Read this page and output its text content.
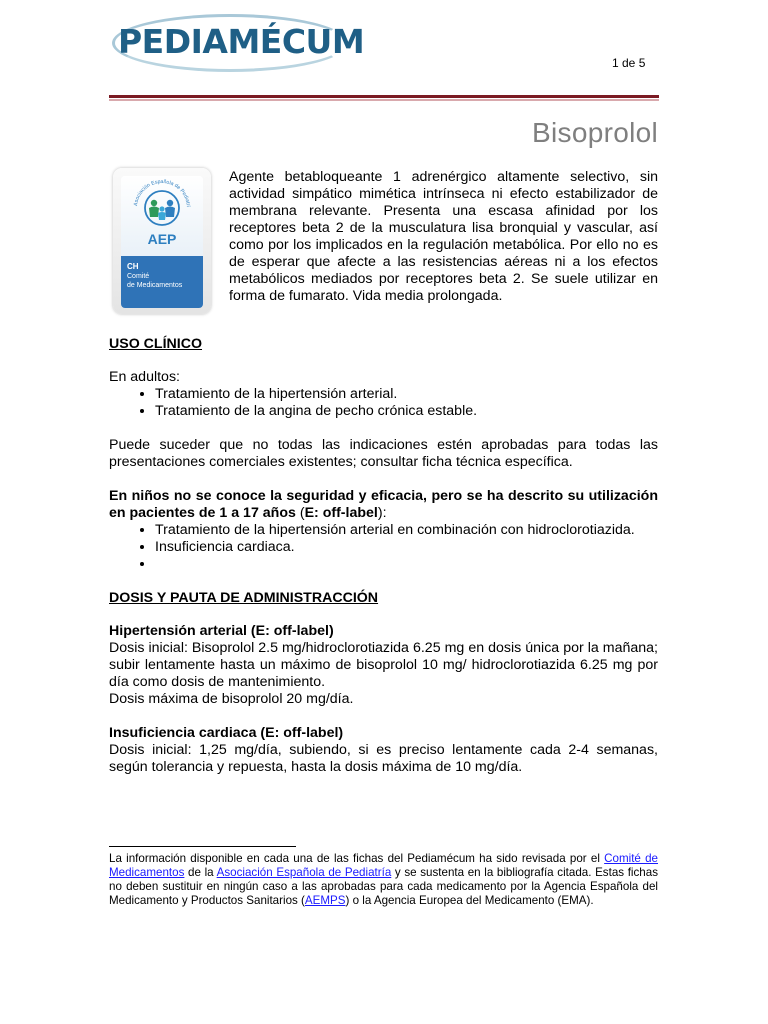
PEDIAMÉCUM
1 de 5
Bisoprolol
Asociación Española de Pediatrí
AEP
CH
Comité
de Medicamentos

Agente betabloqueante 1 adrenérgico altamente selectivo, sin actividad simpático mimética intrínseca ni efecto estabilizador de membrana relevante. Presenta una escasa afinidad por los receptores beta 2 de la musculatura lisa bronquial y vascular, así como por los implicados en la regulación metabólica. Por ello no es de esperar que afecte a las resistencias aéreas ni a los efectos metabólicos mediados por receptores beta 2. Se suele utilizar en forma de fumarato. Vida media prolongada.

USO CLÍNICO

En adultos:

• Tratamiento de la hipertensión arterial.
• Tratamiento de la angina de pecho crónica estable.

Puede suceder que no todas las indicaciones estén aprobadas para todas las presentaciones comerciales existentes; consultar ficha técnica específica.

En niños no se conoce la seguridad y eficacia, pero se ha descrito su utilización en pacientes de 1 a 17 años (E: off-label):

• Tratamiento de la hipertensión arterial en combinación con hidroclorotiazida.
• Insuficiencia cardiaca.
•

DOSIS Y PAUTA DE ADMINISTRACCIÓN

Hipertensión arterial (E: off-label)

Dosis inicial: Bisoprolol 2.5 mg/hidroclorotiazida 6.25 mg en dosis única por la mañana; subir lentamente hasta un máximo de bisoprolol 10 mg/ hidroclorotiazida 6.25 mg por día como dosis de mantenimiento.

Dosis máxima de bisoprolol 20 mg/día.

Insuficiencia cardiaca (E: off-label)

Dosis inicial: 1,25 mg/día, subiendo, si es preciso lentamente cada 2-4 semanas, según tolerancia y repuesta, hasta la dosis máxima de 10 mg/día.

La información disponible en cada una de las fichas del Pediamécum ha sido revisada por el Comité de Medicamentos de la Asociación Española de Pediatría y se sustenta en la bibliografía citada. Estas fichas no deben sustituir en ningún caso a las aprobadas para cada medicamento por la Agencia Española del Medicamento y Productos Sanitarios (AEMPS) o la Agencia Europea del Medicamento (EMA).
